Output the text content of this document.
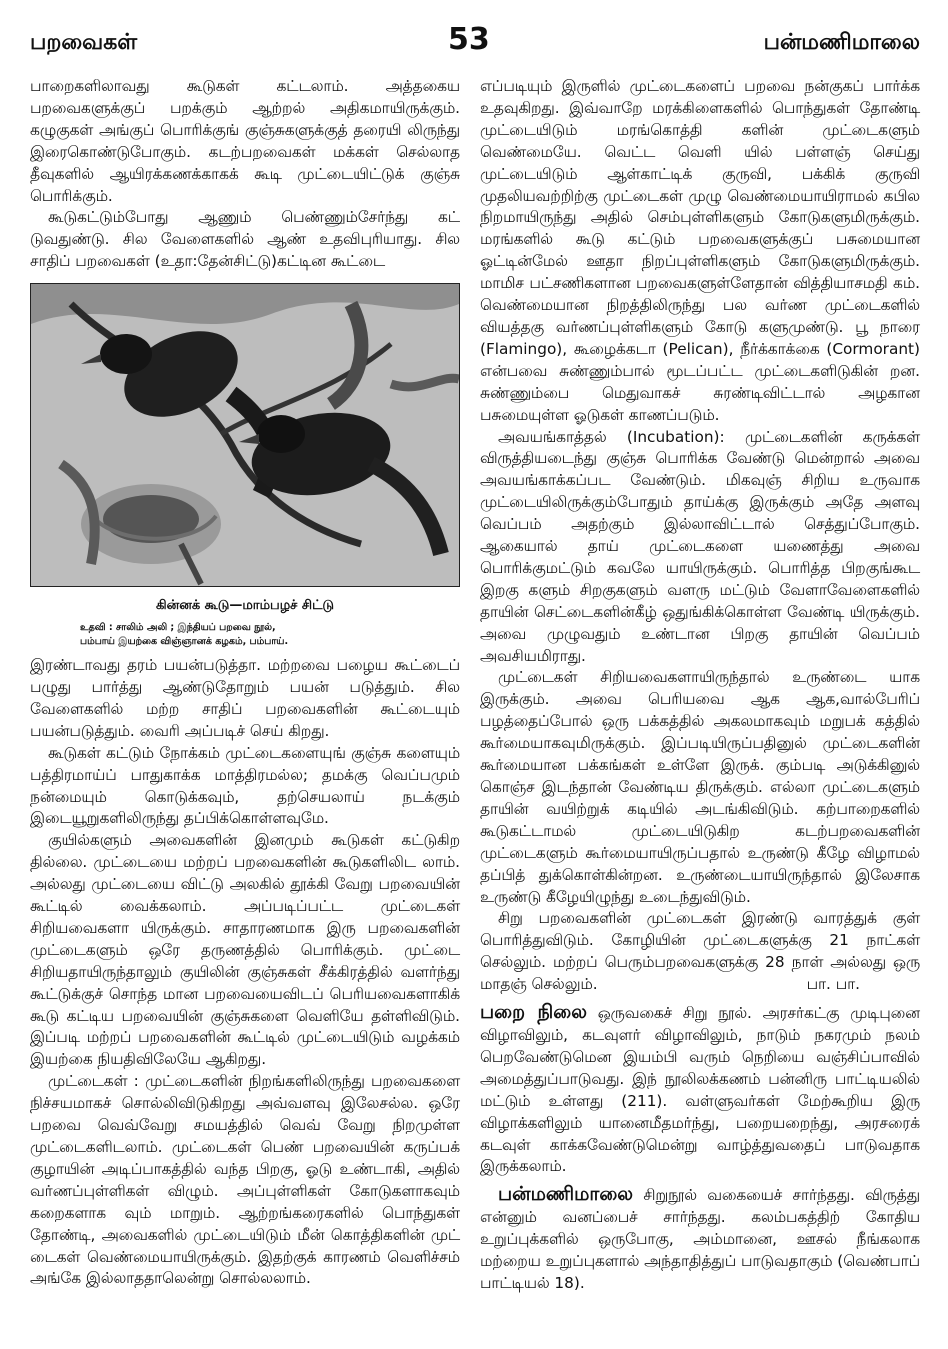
பறவைகள்	53	பன்மணிமாலை

பாறைகளிலாவது கூடுகள் கட்டலாம். அத்தகைய பறவைகளுக்குப் பறக்கும் ஆற்றல் அதிகமாயிருக்கும். கழுகுகள் அங்குப் பொரிக்குங் குஞ்சுகளுக்குத் தரையி லிருந்து இரைகொண்டுபோகும். கடற்பறவைகள் மக்கள் செல்லாத தீவுகளில் ஆயிரக்கணக்காகக் கூடி முட்டையிட்டுக் குஞ்சு பொரிக்கும்.

கூடுகட்டும்போது ஆணும் பெண்ணும்சேர்ந்து கட் டுவதுண்டு. சில வேளைகளில் ஆண் உதவிபுரியாது. சில சாதிப் பறவைகள் (உதா:தேன்சிட்டு)கட்டின கூட்டை

கின்னக் கூடு—மாம்பழச் சிட்டு
உதவி : சாலிம் அலி ; இந்தியப் பறவை நூல்,
பம்பாய் இயற்கை விஞ்ஞானக் கழகம், பம்பாய்.

இரண்டாவது தரம் பயன்படுத்தா. மற்றவை பழைய கூட்டைப் பழுது பார்த்து ஆண்டுதோறும் பயன் படுத்தும். சில வேளைகளில் மற்ற சாதிப் பறவைகளின் கூட்டையும் பயன்படுத்தும். வைரி அப்படிச் செய் கிறது.

கூடுகள் கட்டும் நோக்கம் முட்டைகளையுங் குஞ்சு களையும் பத்திரமாய்ப் பாதுகாக்க மாத்திரமல்ல; தமக்கு வெப்பமும் நன்மையும் கொடுக்கவும், தற்செயலாய் நடக்கும் இடையூறுகளிலிருந்து தப்பிக்கொள்ளவுமே.

குயில்களும் அவைகளின் இனமும் கூடுகள் கட்டுகிற தில்லை. முட்டையை மற்றப் பறவைகளின் கூடுகளிலிட லாம். அல்லது முட்டையை விட்டு அலகில் தூக்கி வேறு பறவையின் கூட்டில் வைக்கலாம். அப்படிப்பட்ட முட்டைகள் சிறியவைகளா யிருக்கும். சாதாரணமாக இரு பறவைகளின் முட்டைகளும் ஒரே தருணத்தில் பொரிக்கும். முட்டை சிறியதாயிருந்தாலும் குயிலின் குஞ்சுகள் சீக்கிரத்தில் வளர்ந்து கூட்டுக்குச் சொந்த மான பறவையைவிடப் பெரியவைகளாகிக் கூடு கட்டிய பறவையின் குஞ்சுகளை வெளியே தள்ளிவிடும். இப்படி மற்றப் பறவைகளின் கூட்டில் முட்டையிடும் வழக்கம் இயற்கை நியதிவிலேயே ஆகிறது.

முட்டைகள் : முட்டைகளின் நிறங்களிலிருந்து பறவைகளை நிச்சயமாகச் சொல்லிவிடுகிறது அவ்வளவு இலேசல்ல. ஒரே பறவை வெவ்வேறு சமயத்தில் வெவ் வேறு நிறமுள்ள முட்டைகளிடலாம். முட்டைகள் பெண் பறவையின் கருப்பக் குழாயின் அடிப்பாகத்தில் வந்த பிறகு, ஓடு உண்டாகி, அதில் வர்ணப்புள்ளிகள் விழும். அப்புள்ளிகள் கோடுகளாகவும் கறைகளாக வும் மாறும். ஆற்றங்கரைகளில் பொந்துகள் தோண்டி, அவைகளில் முட்டையிடும் மீன் கொத்திகளின் முட் டைகள் வெண்மையாயிருக்கும். இதற்குக் காரணம் வெளிச்சம் அங்கே இல்லாததாலென்று சொல்லலாம்.

எப்படியும் இருளில் முட்டைகளைப் பறவை நன்குகப் பார்க்க உதவுகிறது. இவ்வாறே மரக்கிளைகளில் பொந்துகள் தோண்டி முட்டையிடும் மரங்கொத்தி களின் முட்டைகளும் வெண்மையே. வெட்ட வெளி யில் பள்ளஞ் செய்து முட்டையிடும் ஆள்காட்டிக் குருவி, பக்கிக் குருவி முதலியவற்றிற்கு முட்டைகள் முழு வெண்மையாயிராமல் கபில நிறமாயிருந்து அதில் செம்புள்ளிகளும் கோடுகளுமிருக்கும். மரங்களில் கூடு கட்டும் பறவைகளுக்குப் பசுமையான ஓட்டின்மேல் ஊதா நிறப்புள்ளிகளும் கோடுகளுமிருக்கும். மாமிச பட்சணிகளான பறவைகளுள்ளேதான் வித்தியாசமதி கம். வெண்மையான நிறத்திலிருந்து பல வர்ண முட்டைகளில் வியத்தகு வர்ணப்புள்ளிகளும் கோடு களுமுண்டு. பூ நாரை (Flamingo), கூழைக்கடா (Pelican), நீர்க்காக்கை (Cormorant) என்பவை சுண்ணும்பால் மூடப்பட்ட முட்டைகளிடுகின் றன. சுண்ணும்பை மெதுவாகச் சுரண்டிவிட்டால் அழகான பசுமையுள்ள ஓடுகள் காணப்படும்.

அவயங்காத்தல் (Incubation): முட்டைகளின் கருக்கள் விருத்தியடைந்து குஞ்சு பொரிக்க வேண்டு மென்றால் அவை அவயங்காக்கப்பட வேண்டும். மிகவுஞ் சிறிய உருவாக முட்டையிலிருக்கும்போதும் தாய்க்கு இருக்கும் அதே அளவு வெப்பம் அதற்கும் இல்லாவிட்டால் செத்துப்போகும். ஆகையால் தாய் முட்டைகளை யணைத்து அவை பொரிக்குமட்டும் கவலே யாயிருக்கும். பொரித்த பிறகுங்கூட இறகு களும் சிறகுகளும் வளரு மட்டும் வேளாவேளைகளில் தாயின் செட்டைகளின்கீழ் ஒதுங்கிக்கொள்ள வேண்டி யிருக்கும். அவை முழுவதும் உண்டான பிறகு தாயின் வெப்பம் அவசியமிராது.

முட்டைகள் சிறியவைகளாயிருந்தால் உருண்டை யாக இருக்கும். அவை பெரியவை ஆக ஆக,வால்பேரிப் பழத்தைப்போல் ஒரு பக்கத்தில் அகலமாகவும் மறுபக் கத்தில் கூர்மையாகவுமிருக்கும். இப்படியிருப்பதினுல் முட்டைகளின் கூர்மையான பக்கங்கள் உள்ளே இருக். கும்படி அடுக்கினுல் கொஞ்ச இடந்தான் வேண்டிய திருக்கும். எல்லா முட்டைகளும் தாயின் வயிற்றுக் கடியில் அடங்கிவிடும். கற்பாறைகளில் கூடுகட்டாமல் முட்டையிடுகிற கடற்பறவைகளின் முட்டைகளும் கூர்மையாயிருப்பதால் உருண்டு கீழே விழாமல் தப்பித் துக்கொள்கின்றன. உருண்டையாயிருந்தால் இலேசாக உருண்டு கீழேயிழுந்து உடைந்துவிடும்.

சிறு பறவைகளின் முட்டைகள் இரண்டு வாரத்துக் குள் பொரித்துவிடும். கோழியின் முட்டைகளுக்கு 21 நாட்கள் செல்லும். மற்றப் பெரும்பறவைகளுக்கு 28 நாள் அல்லது ஒரு மாதஞ் செல்லும்.	பா. பா.

பறை நிலை ஒருவகைச் சிறு நூல். அரசர்கட்கு முடிபுனை விழாவிலும், கடவுளர் விழாவிலும், நாடும் நகரமும் நலம் பெறவேண்டுமென இயம்பி வரும் நெறியை வஞ்சிப்பாவில் அமைத்துப்பாடுவது. இந் நூலிலக்கணம் பன்னிரு பாட்டியலில் மட்டும் உள்ளது (211). வள்ளுவர்கள் மேற்கூறிய இரு விழாக்களிலும் யானைமீதமர்ந்து, பறையறைந்து, அரசரைக் கடவுள் காக்கவேண்டுமென்று வாழ்த்துவதைப் பாடுவதாக இருக்கலாம்.

பன்மணிமாலை சிறுநூல் வகையைச் சார்ந்தது. விருத்து என்னும் வனப்பைச் சார்ந்தது. கலம்பகத்திற் கோதிய உறுப்புக்களில் ஒருபோகு, அம்மானை, ஊசல் நீங்கலாக மற்றைய உறுப்புகளால் அந்தாதித்துப் பாடுவதாகும் (வெண்பாப் பாட்டியல் 18).
